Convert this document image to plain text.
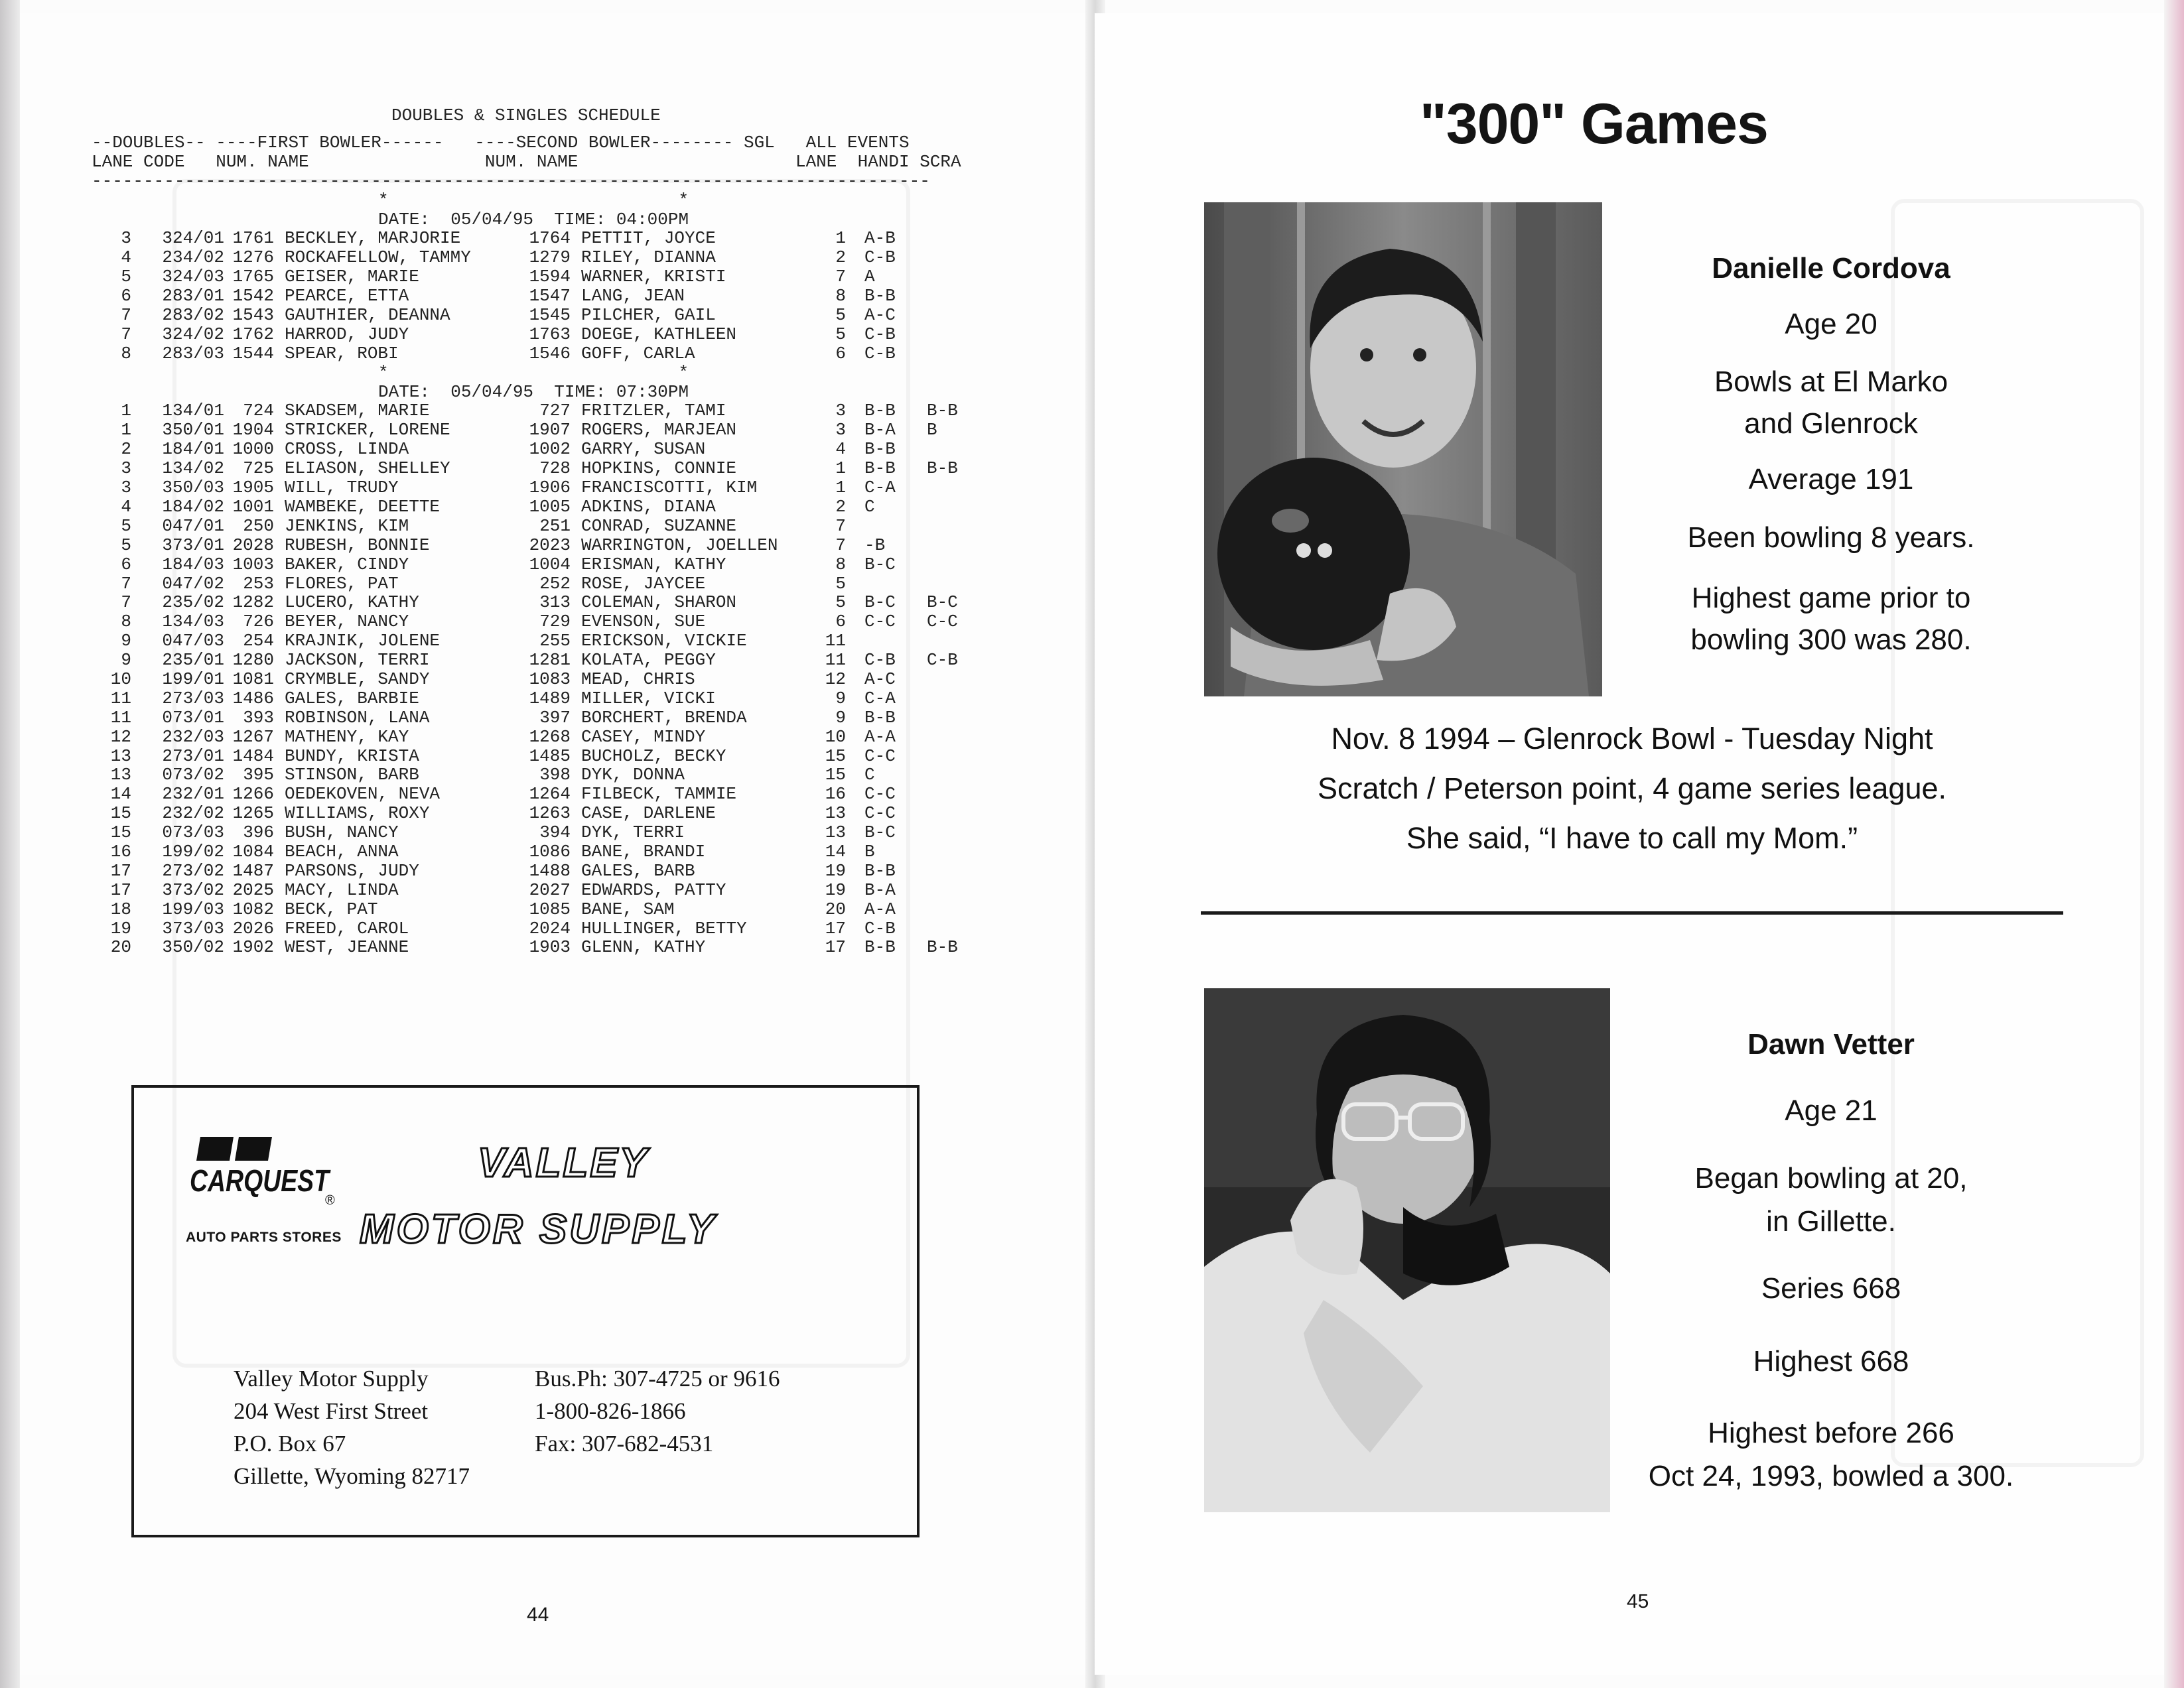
DOUBLES & SINGLES SCHEDULE
--DOUBLES-- ----FIRST BOWLER------   ----SECOND BOWLER-------- SGL   ALL EVENTS
LANE CODE   NUM. NAME                 NUM. NAME                     LANE  HANDI SCRA
---------------------------------------------------------------------------------
*                            *
DATE:  05/04/95  TIME: 04:00PM
3	324/01 1761 BECKLEY, MARJORIE	1764 PETTIT, JOYCE	1	A-B
4	234/02 1276 ROCKAFELLOW, TAMMY	1279 RILEY, DIANNA	2	C-B
5	324/03 1765 GEISER, MARIE	1594 WARNER, KRISTI	7	A
6	283/01 1542 PEARCE, ETTA	1547 LANG, JEAN	8	B-B
7	283/02 1543 GAUTHIER, DEANNA	1545 PILCHER, GAIL	5	A-C
7	324/02 1762 HARROD, JUDY	1763 DOEGE, KATHLEEN	5	C-B
8	283/03 1544 SPEAR, ROBI	1546 GOFF, CARLA	6	C-B
*                            *
DATE:  05/04/95  TIME: 07:30PM
1	134/01	724 SKADSEM, MARIE	727 FRITZLER, TAMI	3	B-B	B-B
1	350/01 1904 STRICKER, LORENE	1907 ROGERS, MARJEAN	3	B-A	B
2	184/01 1000 CROSS, LINDA	1002 GARRY, SUSAN	4	B-B
3	134/02	725 ELIASON, SHELLEY	728 HOPKINS, CONNIE	1	B-B	B-B
3	350/03 1905 WILL, TRUDY	1906 FRANCISCOTTI, KIM	1	C-A
4	184/02 1001 WAMBEKE, DEETTE	1005 ADKINS, DIANA	2	C
5	047/01	250 JENKINS, KIM	251 CONRAD, SUZANNE	7
5	373/01 2028 RUBESH, BONNIE	2023 WARRINGTON, JOELLEN	7	-B
6	184/03 1003 BAKER, CINDY	1004 ERISMAN, KATHY	8	B-C
7	047/02	253 FLORES, PAT	252 ROSE, JAYCEE	5
7	235/02 1282 LUCERO, KATHY	313 COLEMAN, SHARON	5	B-C	B-C
8	134/03	726 BEYER, NANCY	729 EVENSON, SUE	6	C-C	C-C
9	047/03	254 KRAJNIK, JOLENE	255 ERICKSON, VICKIE	11
9	235/01 1280 JACKSON, TERRI	1281 KOLATA, PEGGY	11	C-B	C-B
10	199/01 1081 CRYMBLE, SANDY	1083 MEAD, CHRIS	12	A-C
11	273/03 1486 GALES, BARBIE	1489 MILLER, VICKI	9	C-A
11	073/01	393 ROBINSON, LANA	397 BORCHERT, BRENDA	9	B-B
12	232/03 1267 MATHENY, KAY	1268 CASEY, MINDY	10	A-A
13	273/01 1484 BUNDY, KRISTA	1485 BUCHOLZ, BECKY	15	C-C
13	073/02	395 STINSON, BARB	398 DYK, DONNA	15	C
14	232/01 1266 OEDEKOVEN, NEVA	1264 FILBECK, TAMMIE	16	C-C
15	232/02 1265 WILLIAMS, ROXY	1263 CASE, DARLENE	13	C-C
15	073/03	396 BUSH, NANCY	394 DYK, TERRI	13	B-C
16	199/02 1084 BEACH, ANNA	1086 BANE, BRANDI	14	B
17	273/02 1487 PARSONS, JUDY	1488 GALES, BARB	19	B-B
17	373/02 2025 MACY, LINDA	2027 EDWARDS, PATTY	19	B-A
18	199/03 1082 BECK, PAT	1085 BANE, SAM	20	A-A
19	373/03 2026 FREED, CAROL	2024 HULLINGER, BETTY	17	C-B
20	350/02 1902 WEST, JEANNE	1903 GLENN, KATHY	17	B-B	B-B
CARQUEST
®
AUTO PARTS STORES
VALLEY
MOTOR SUPPLY
Valley Motor Supply
204 West First Street
P.O. Box 67
Gillette, Wyoming 82717
Bus.Ph: 307-4725 or 9616
1-800-826-1866
Fax: 307-682-4531
44
"300" Games
Danielle Cordova
Age 20
Bowls at El Marko
and Glenrock
Average 191
Been bowling 8 years.
Highest game prior to
bowling 300 was 280.
Nov. 8 1994 – Glenrock Bowl - Tuesday Night
Scratch / Peterson point, 4 game series league.
She said, “I have to call my Mom.”
Dawn Vetter
Age 21
Began bowling at 20,
in Gillette.
Series 668
Highest 668
Highest before 266
Oct 24, 1993, bowled a 300.
45
